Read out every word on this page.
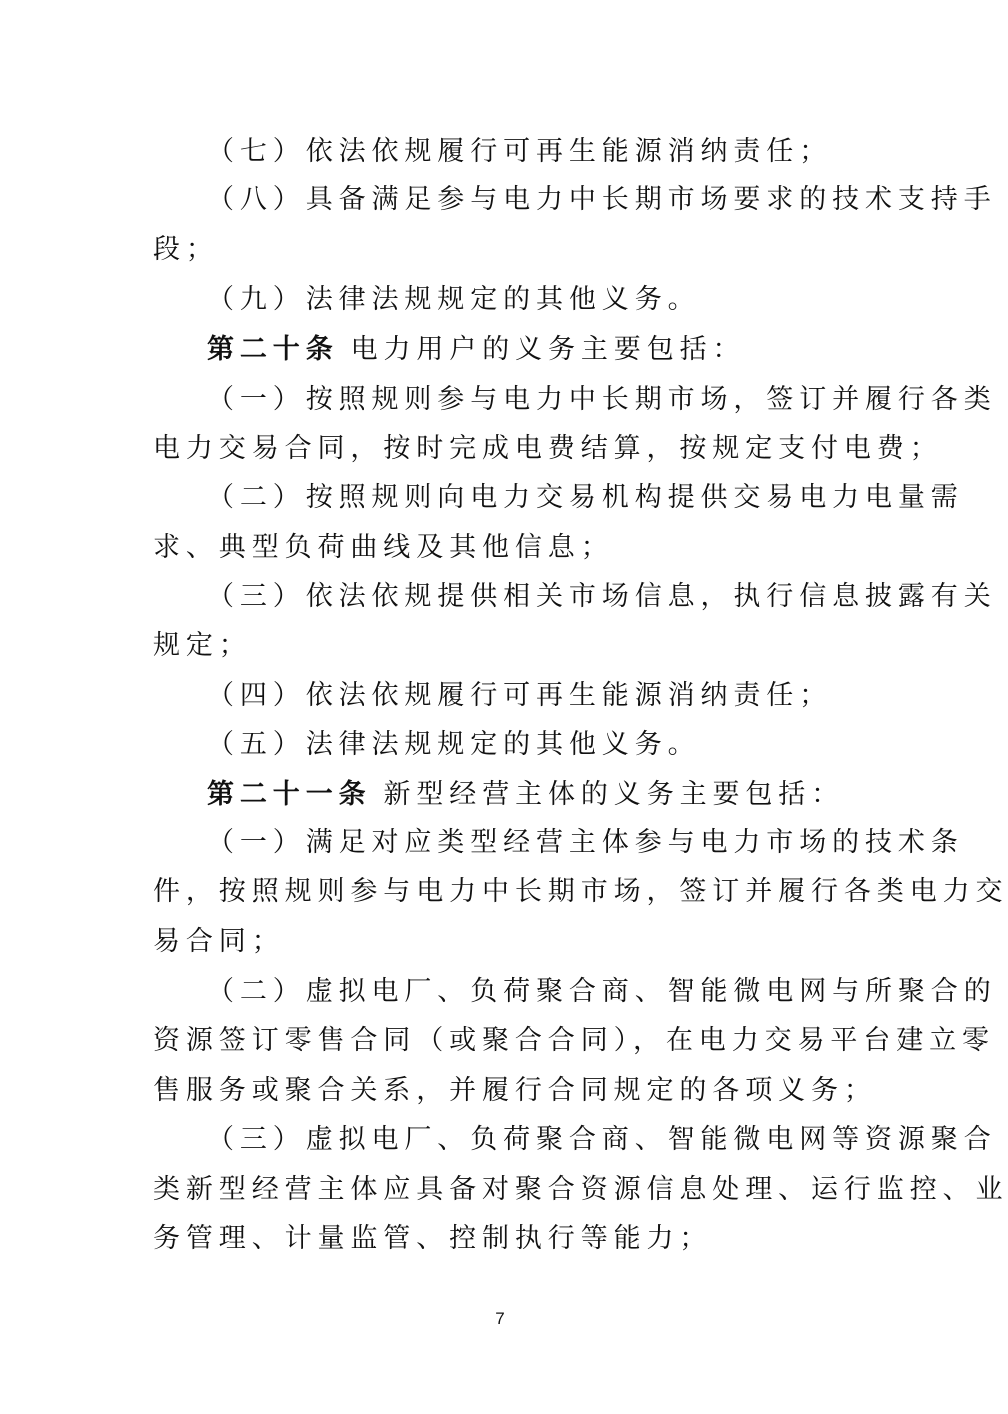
（七）依法依规履行可再生能源消纳责任；
（八）具备满足参与电力中长期市场要求的技术支持手
段；
（九）法律法规规定的其他义务。
第二十条 电力用户的义务主要包括：
（一）按照规则参与电力中长期市场，签订并履行各类
电力交易合同，按时完成电费结算，按规定支付电费；
（二）按照规则向电力交易机构提供交易电力电量需
求、典型负荷曲线及其他信息；
（三）依法依规提供相关市场信息，执行信息披露有关
规定；
（四）依法依规履行可再生能源消纳责任；
（五）法律法规规定的其他义务。
第二十一条 新型经营主体的义务主要包括：
（一）满足对应类型经营主体参与电力市场的技术条
件，按照规则参与电力中长期市场，签订并履行各类电力交
易合同；
（二）虚拟电厂、负荷聚合商、智能微电网与所聚合的
资源签订零售合同（或聚合合同），在电力交易平台建立零
售服务或聚合关系，并履行合同规定的各项义务；
（三）虚拟电厂、负荷聚合商、智能微电网等资源聚合
类新型经营主体应具备对聚合资源信息处理、运行监控、业
务管理、计量监管、控制执行等能力；
7
